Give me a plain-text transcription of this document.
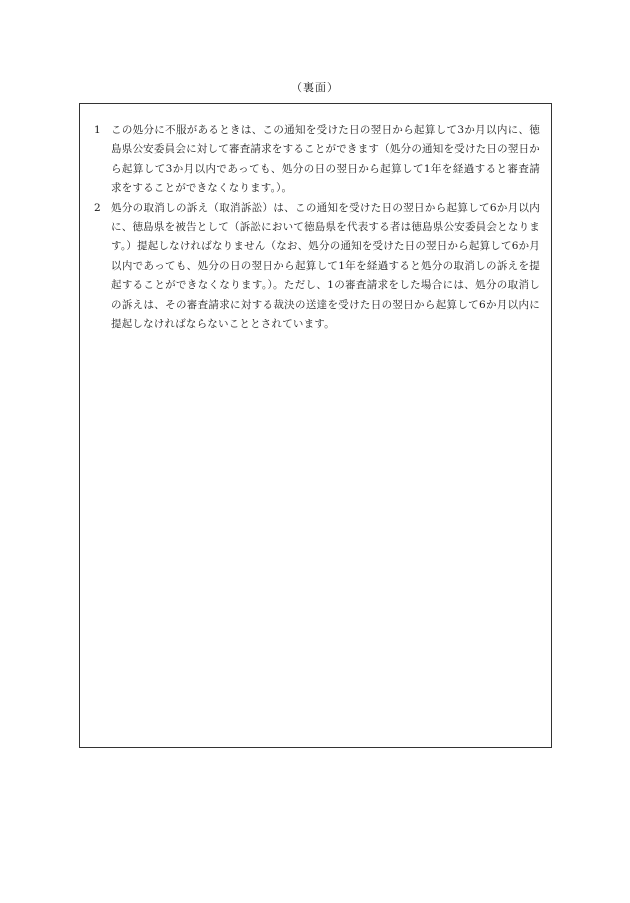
（裏面）
1 この処分に不服があるときは、この通知を受けた日の翌日から起算して3か月以内に、徳島県公安委員会に対して審査請求をすることができます（処分の通知を受けた日の翌日から起算して3か月以内であっても、処分の日の翌日から起算して1年を経過すると審査請求をすることができなくなります。）。
2 処分の取消しの訴え（取消訴訟）は、この通知を受けた日の翌日から起算して6か月以内に、徳島県を被告として（訴訟において徳島県を代表する者は徳島県公安委員会となります。）提起しなければなりません（なお、処分の通知を受けた日の翌日から起算して6か月以内であっても、処分の日の翌日から起算して1年を経過すると処分の取消しの訴えを提起することができなくなります。）。ただし、1の審査請求をした場合には、処分の取消しの訴えは、その審査請求に対する裁決の送達を受けた日の翌日から起算して6か月以内に提起しなければならないこととされています。
